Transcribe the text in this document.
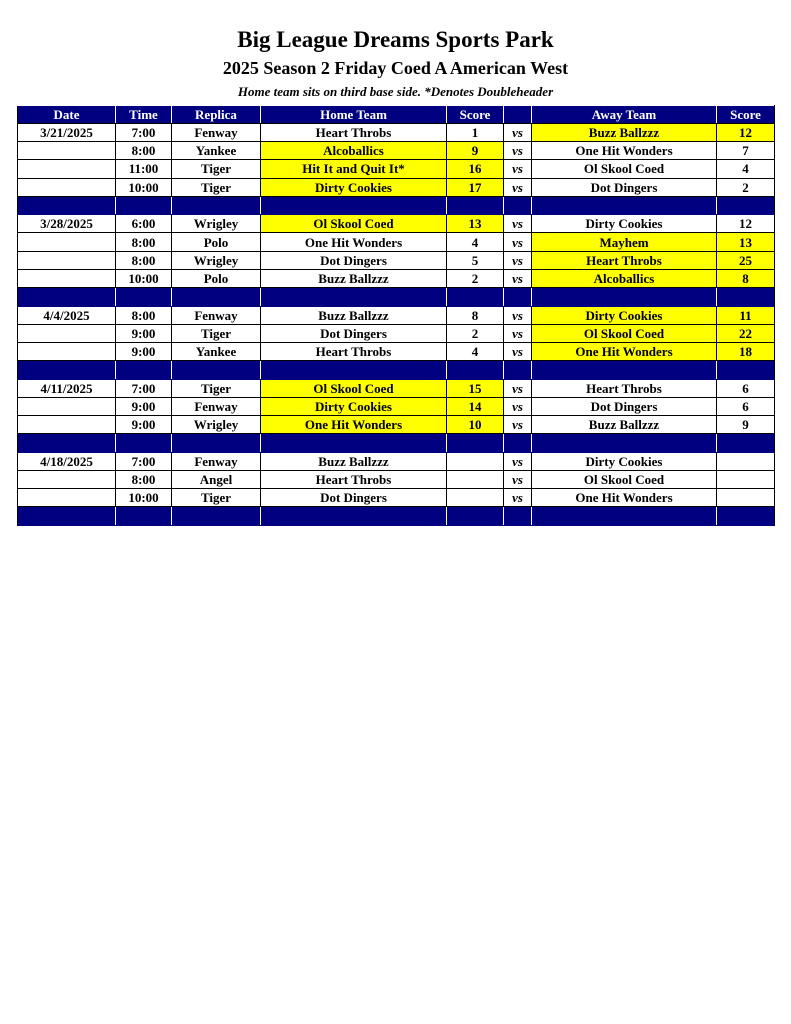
Big League Dreams Sports Park
2025 Season 2 Friday Coed A American West
Home team sits on third base side. *Denotes Doubleheader
Date	Time	Replica	Home Team	Score		Away Team	Score
3/21/2025	7:00	Fenway	Heart Throbs	1	vs	Buzz Ballzzz	12
	8:00	Yankee	Alcoballics	9	vs	One Hit Wonders	7
	11:00	Tiger	Hit It and Quit It*	16	vs	Ol Skool Coed	4
	10:00	Tiger	Dirty Cookies	17	vs	Dot Dingers	2

3/28/2025	6:00	Wrigley	Ol Skool Coed	13	vs	Dirty Cookies	12
	8:00	Polo	One Hit Wonders	4	vs	Mayhem	13
	8:00	Wrigley	Dot Dingers	5	vs	Heart Throbs	25
	10:00	Polo	Buzz Ballzzz	2	vs	Alcoballics	8

4/4/2025	8:00	Fenway	Buzz Ballzzz	8	vs	Dirty Cookies	11
	9:00	Tiger	Dot Dingers	2	vs	Ol Skool Coed	22
	9:00	Yankee	Heart Throbs	4	vs	One Hit Wonders	18

4/11/2025	7:00	Tiger	Ol Skool Coed	15	vs	Heart Throbs	6
	9:00	Fenway	Dirty Cookies	14	vs	Dot Dingers	6
	9:00	Wrigley	One Hit Wonders	10	vs	Buzz Ballzzz	9

4/18/2025	7:00	Fenway	Buzz Ballzzz		vs	Dirty Cookies	
	8:00	Angel	Heart Throbs		vs	Ol Skool Coed	
	10:00	Tiger	Dot Dingers		vs	One Hit Wonders	
